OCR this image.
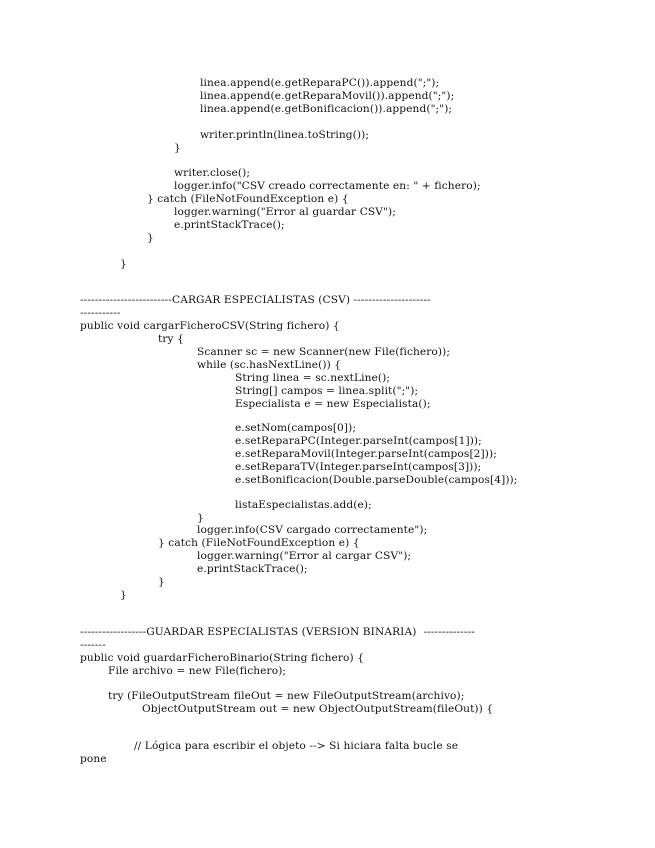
linea.append(e.getReparaPC()).append(";");

linea.append(e.getReparaMovil()).append(";");

linea.append(e.getBonificacion()).append(";");

writer.println(linea.toString());

}

writer.close();

logger.info("CSV creado correctamente en: " + fichero);

} catch (FileNotFoundException e) {

logger.warning("Error al guardar CSV");

e.printStackTrace();

}

}

-------------------------CARGAR ESPECIALISTAS (CSV) ---------------------

-----------

public void cargarFicheroCSV(String fichero) {

try {

Scanner sc = new Scanner(new File(fichero));

while (sc.hasNextLine()) {

String linea = sc.nextLine();

String[] campos = linea.split(";");

Especialista e = new Especialista();

e.setNom(campos[0]);

e.setReparaPC(Integer.parseInt(campos[1]));

e.setReparaMovil(Integer.parseInt(campos[2]));

e.setReparaTV(Integer.parseInt(campos[3]));

e.setBonificacion(Double.parseDouble(campos[4]));

listaEspecialistas.add(e);

}

logger.info(CSV cargado correctamente");

} catch (FileNotFoundException e) {

logger.warning("Error al cargar CSV");

e.printStackTrace();

}

}

------------------GUARDAR ESPECIALISTAS (VERSION BINARIA)  --------------

-------

public void guardarFicheroBinario(String fichero) {

File archivo = new File(fichero);

try (FileOutputStream fileOut = new FileOutputStream(archivo);

ObjectOutputStream out = new ObjectOutputStream(fileOut)) {

// Lógica para escribir el objeto --> Si hiciara falta bucle se

pone
